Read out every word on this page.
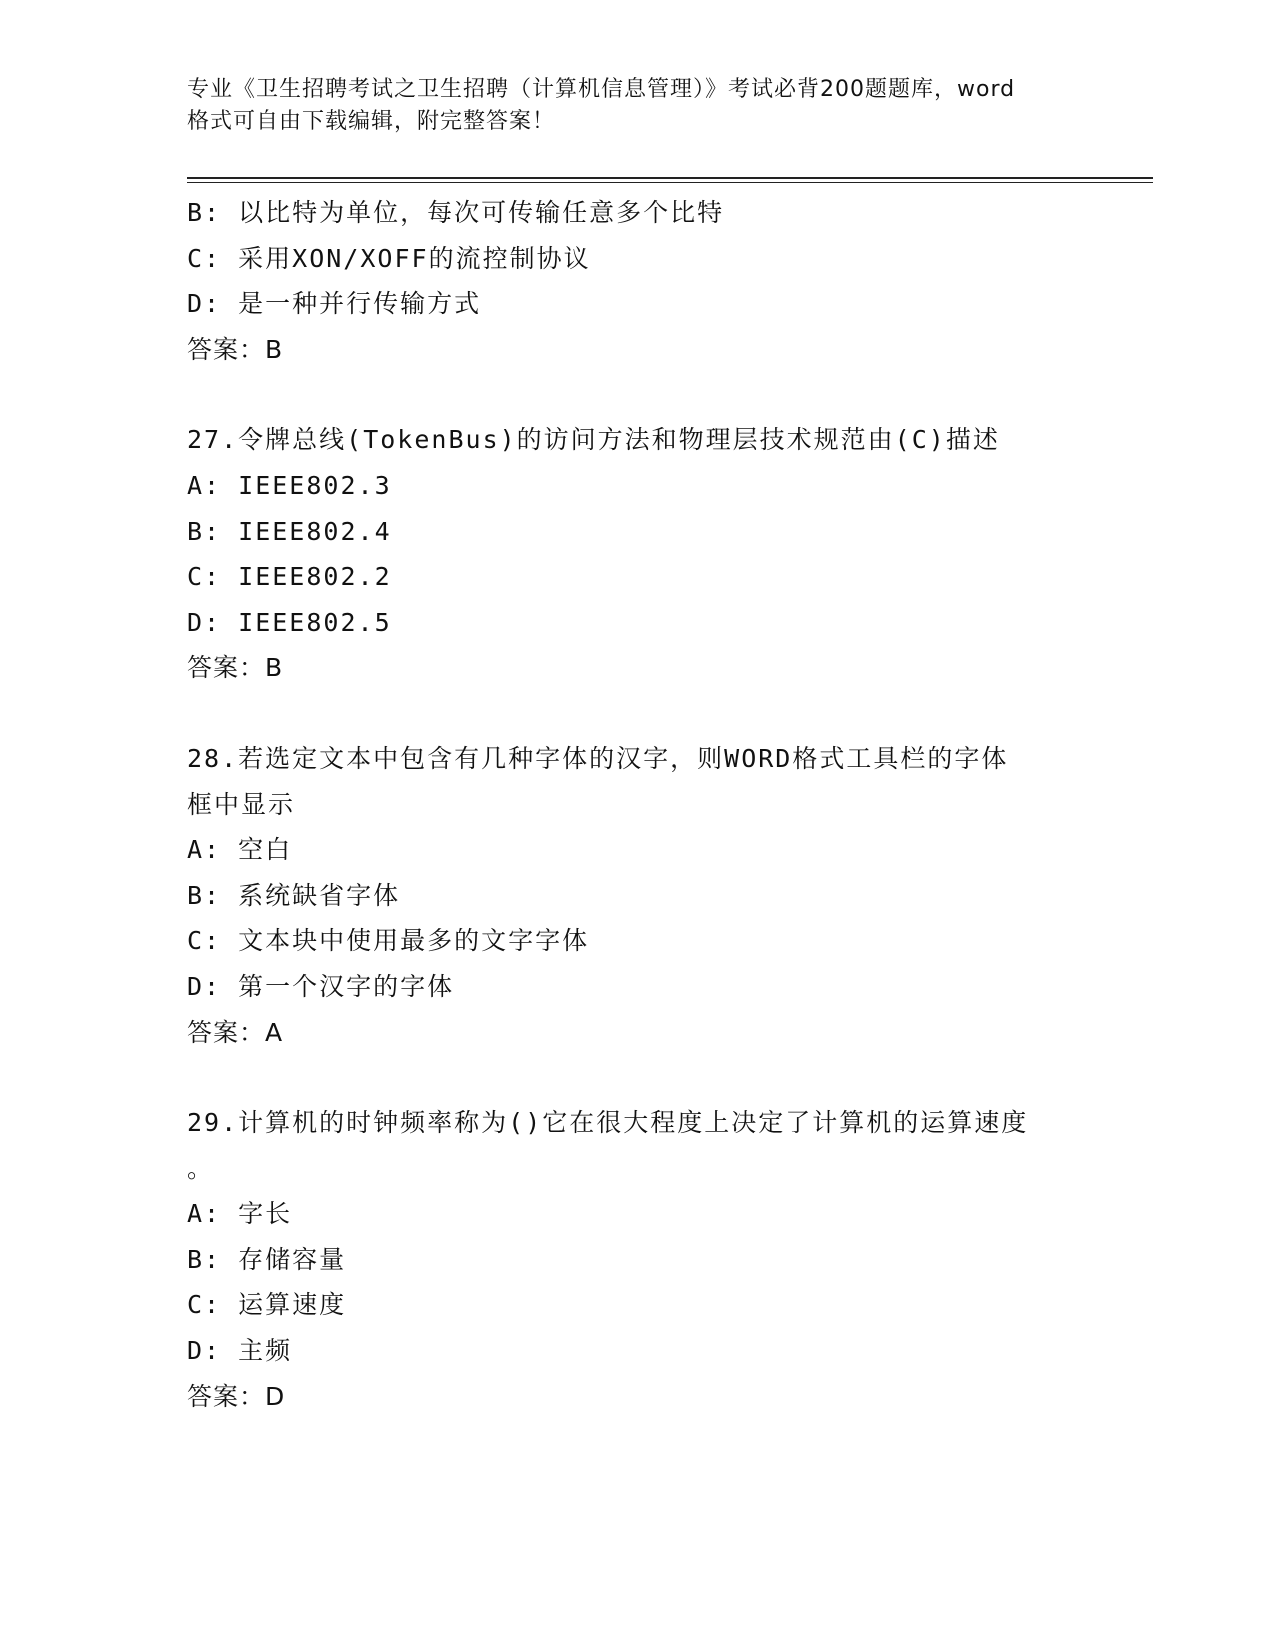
专业《卫生招聘考试之卫生招聘（计算机信息管理）》考试必背200题题库，word
格式可自由下载编辑，附完整答案！
B: 以比特为单位，每次可传输任意多个比特
C: 采用XON/XOFF的流控制协议
D: 是一种并行传输方式
答案：B
27.令牌总线(TokenBus)的访问方法和物理层技术规范由(C)描述
A: IEEE802.3
B: IEEE802.4
C: IEEE802.2
D: IEEE802.5
答案：B
28.若选定文本中包含有几种字体的汉字，则WORD格式工具栏的字体
框中显示
A: 空白
B: 系统缺省字体
C: 文本块中使用最多的文字字体
D: 第一个汉字的字体
答案：A
29.计算机的时钟频率称为()它在很大程度上决定了计算机的运算速度
。
A: 字长
B: 存储容量
C: 运算速度
D: 主频
答案：D
